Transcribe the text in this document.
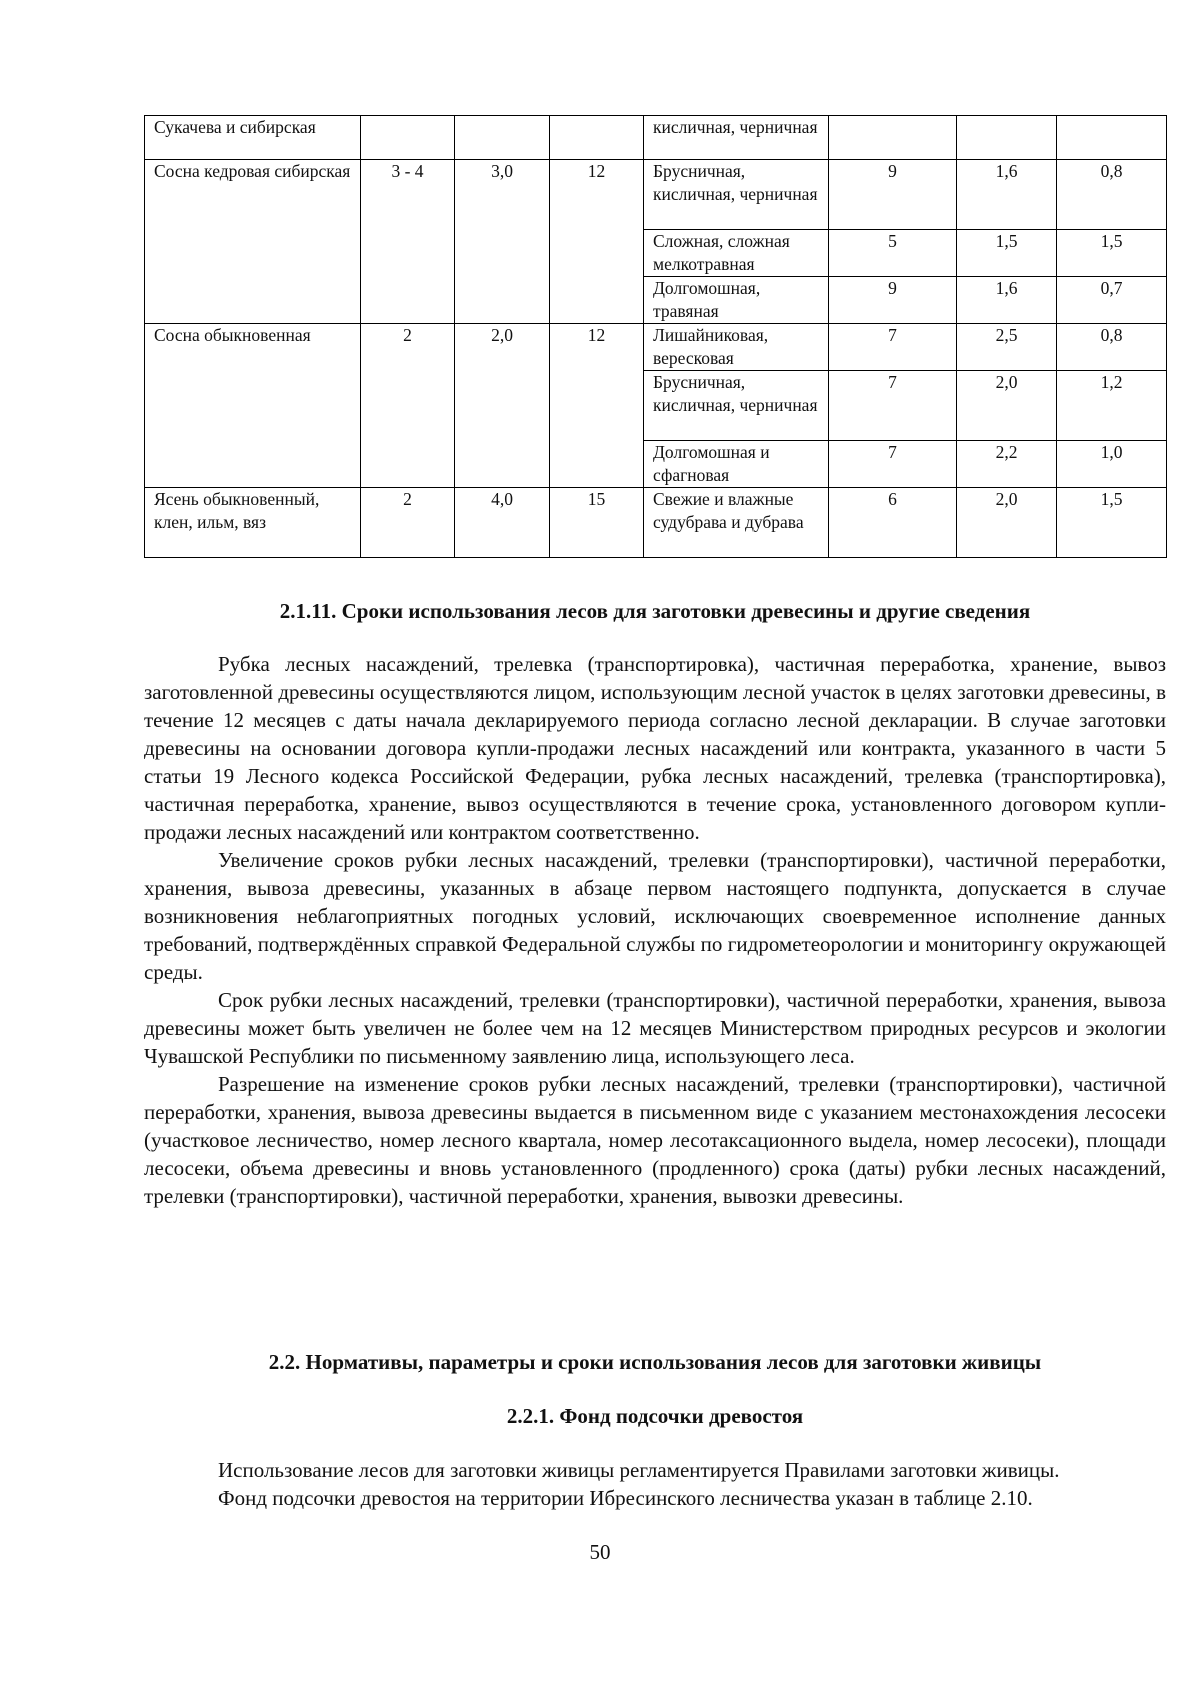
Сукачева и сибирская				кисличная, черничная			
Сосна кедровая сибирская	3 - 4	3,0	12	Брусничная, кисличная, черничная	9	1,6	0,8
				Сложная, сложная мелкотравная	5	1,5	1,5
				Долгомошная, травяная	9	1,6	0,7
Сосна обыкновенная	2	2,0	12	Лишайниковая, вересковая	7	2,5	0,8
				Брусничная, кисличная, черничная	7	2,0	1,2
				Долгомошная и сфагновая	7	2,2	1,0
Ясень обыкновенный, клен, ильм, вяз	2	4,0	15	Свежие и влажные судубрава и дубрава	6	2,0	1,5
2.1.11. Сроки использования лесов для заготовки древесины и другие сведения

Рубка лесных насаждений, трелевка (транспортировка), частичная переработка, хранение, вывоз заготовленной древесины осуществляются лицом, использующим лесной участок в целях заготовки древесины, в течение 12 месяцев с даты начала декларируемого периода согласно лесной декларации. В случае заготовки древесины на основании договора купли-продажи лесных насаждений или контракта, указанного в части 5 статьи 19 Лесного кодекса Российской Федерации, рубка лесных насаждений, трелевка (транспортировка), частичная переработка, хранение, вывоз осуществляются в течение срока, установленного договором купли-продажи лесных насаждений или контрактом соответственно.

Увеличение сроков рубки лесных насаждений, трелевки (транспортировки), частичной переработки, хранения, вывоза древесины, указанных в абзаце первом настоящего подпункта, допускается в случае возникновения неблагоприятных погодных условий, исключающих своевременное исполнение данных требований, подтверждённых справкой Федеральной службы по гидрометеорологии и мониторингу окружающей среды.

Срок рубки лесных насаждений, трелевки (транспортировки), частичной переработки, хранения, вывоза древесины может быть увеличен не более чем на 12 месяцев Министерством природных ресурсов и экологии Чувашской Республики по письменному заявлению лица, использующего леса.

Разрешение на изменение сроков рубки лесных насаждений, трелевки (транспортировки), частичной переработки, хранения, вывоза древесины выдается в письменном виде с указанием местонахождения лесосеки (участковое лесничество, номер лесного квартала, номер лесотаксационного выдела, номер лесосеки), площади лесосеки, объема древесины и вновь установленного (продленного) срока (даты) рубки лесных насаждений, трелевки (транспортировки), частичной переработки, хранения, вывозки древесины.

2.2. Нормативы, параметры и сроки использования лесов для заготовки живицы
2.2.1. Фонд подсочки древостоя

Использование лесов для заготовки живицы регламентируется Правилами заготовки живицы.

Фонд подсочки древостоя на территории Ибресинского лесничества указан в таблице 2.10.

50
